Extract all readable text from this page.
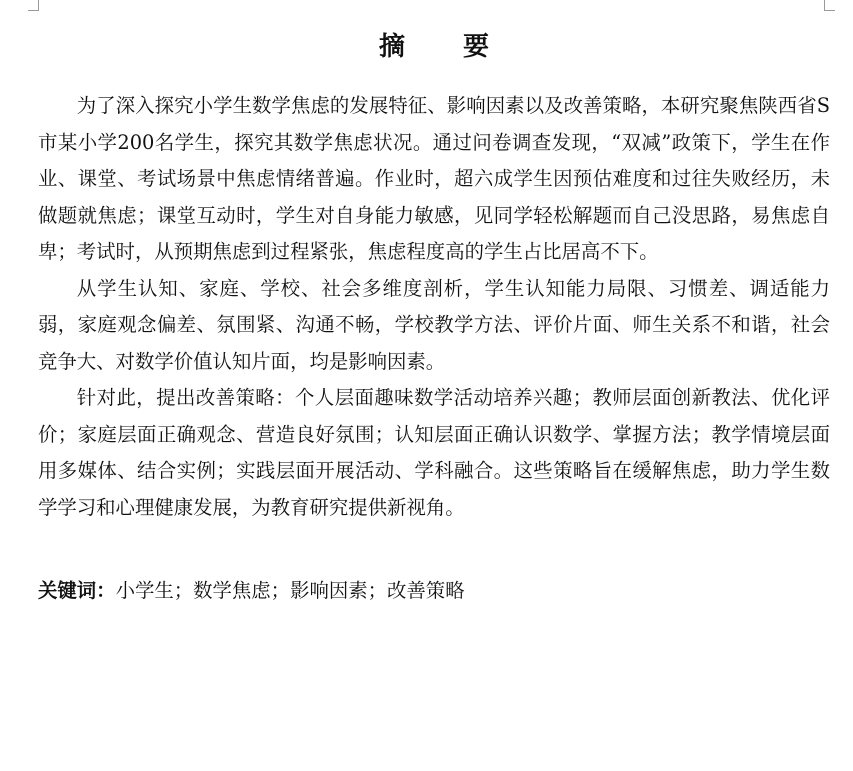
摘　要

为了深入探究小学生数学焦虑的发展特征、影响因素以及改善策略，本研究聚焦陕西省S市某小学200名学生，探究其数学焦虑状况。通过问卷调查发现，“双减”政策下，学生在作业、课堂、考试场景中焦虑情绪普遍。作业时，超六成学生因预估难度和过往失败经历，未做题就焦虑；课堂互动时，学生对自身能力敏感，见同学轻松解题而自己没思路，易焦虑自卑；考试时，从预期焦虑到过程紧张，焦虑程度高的学生占比居高不下。

从学生认知、家庭、学校、社会多维度剖析，学生认知能力局限、习惯差、调适能力弱，家庭观念偏差、氛围紧、沟通不畅，学校教学方法、评价片面、师生关系不和谐，社会竞争大、对数学价值认知片面，均是影响因素。

针对此，提出改善策略：个人层面趣味数学活动培养兴趣；教师层面创新教法、优化评价；家庭层面正确观念、营造良好氛围；认知层面正确认识数学、掌握方法；教学情境层面用多媒体、结合实例；实践层面开展活动、学科融合。这些策略旨在缓解焦虑，助力学生数学学习和心理健康发展，为教育研究提供新视角。

关键词：小学生；数学焦虑；影响因素；改善策略
